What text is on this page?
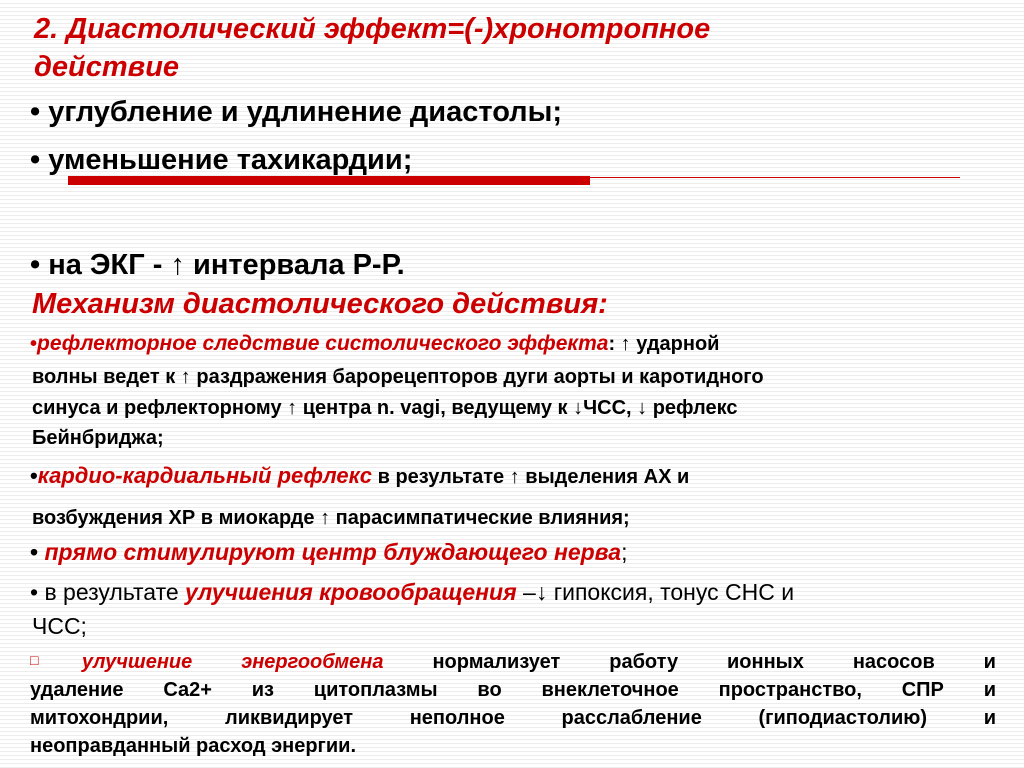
2. Диастолический эффект=(-)хронотропное
действие
• углубление и удлинение диастолы;
• уменьшение тахикардии;
• на ЭКГ - ↑ интервала Р-Р.
Механизм диастолического действия:
•рефлекторное следствие систолического эффекта: ↑ ударной
волны ведет к ↑ раздражения барорецепторов дуги аорты и каротидного
синуса и рефлекторному ↑ центра n. vagi, ведущему к ↓ЧСС, ↓ рефлекс
Бейнбриджа;
•кардио-кардиальный рефлекс в результате ↑ выделения АХ и
возбуждения ХР в миокарде ↑ парасимпатические влияния;
• прямо стимулируют центр блуждающего нерва;
• в результате улучшения кровообращения –↓ гипоксия, тонус СНС и
ЧСС;
□улучшение энергообмена нормализует работу ионных насосов и
удаление Са2+ из цитоплазмы во внеклеточное пространство, СПР и
митохондрии, ликвидирует неполное расслабление (гиподиастолию) и
неоправданный расход энергии.
